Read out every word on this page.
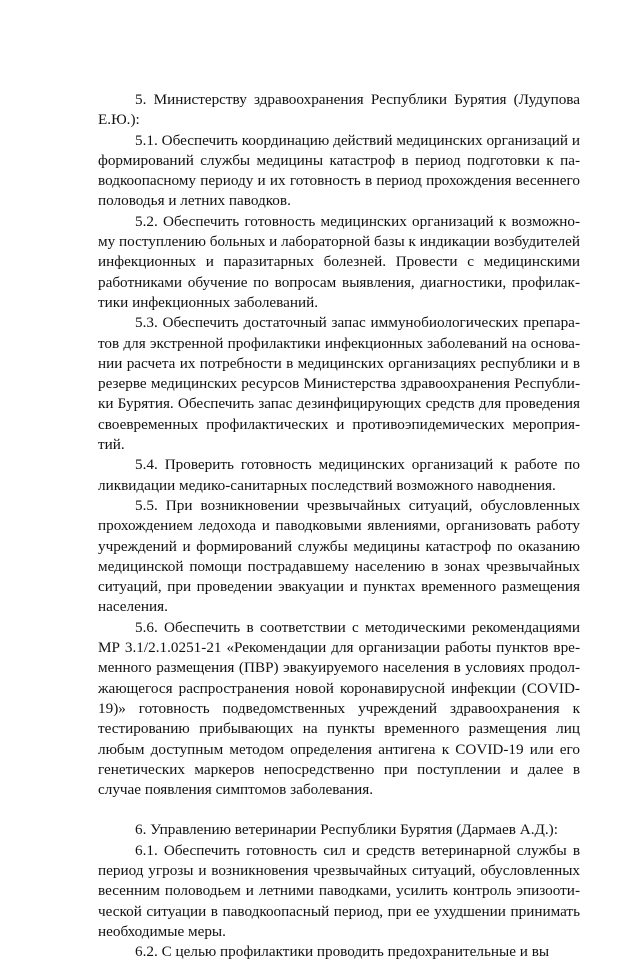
5. Министерству здравоохранения Республики Бурятия (Лудупова Е.Ю.):

5.1. Обеспечить координацию действий медицинских организаций и формирований службы медицины катастроф в период подготовки к паводкоопасному периоду и их готовность в период прохождения весеннего половодья и летних паводков.

5.2. Обеспечить готовность медицинских организаций к возможному поступлению больных и лабораторной базы к индикации возбудителей инфекционных и паразитарных болезней. Провести с медицинскими работниками обучение по вопросам выявления, диагностики, профилактики инфекционных заболеваний.

5.3. Обеспечить достаточный запас иммунобиологических препаратов для экстренной профилактики инфекционных заболеваний на основании расчета их потребности в медицинских организациях республики и в резерве медицинских ресурсов Министерства здравоохранения Республики Бурятия. Обеспечить запас дезинфицирующих средств для проведения своевременных профилактических и противоэпидемических мероприятий.

5.4. Проверить готовность медицинских организаций к работе по ликвидации медико-санитарных последствий возможного наводнения.

5.5. При возникновении чрезвычайных ситуаций, обусловленных прохождением ледохода и паводковыми явлениями, организовать работу учреждений и формирований службы медицины катастроф по оказанию медицинской помощи пострадавшему населению в зонах чрезвычайных ситуаций, при проведении эвакуации и пунктах временного размещения населения.

5.6. Обеспечить в соответствии с методическими рекомендациями МР 3.1/2.1.0251-21 «Рекомендации для организации работы пунктов временного размещения (ПВР) эвакуируемого населения в условиях продолжающегося распространения новой коронавирусной инфекции (COVID-19)» готовность подведомственных учреждений здравоохранения к тестированию прибывающих на пункты временного размещения лиц любым доступным методом определения антигена к COVID-19 или его генетических маркеров непосредственно при поступлении и далее в случае появления симптомов заболевания.

6. Управлению ветеринарии Республики Бурятия (Дармаев А.Д.):

6.1. Обеспечить готовность сил и средств ветеринарной службы в период угрозы и возникновения чрезвычайных ситуаций, обусловленных весенним половодьем и летними паводками, усилить контроль эпизоотической ситуации в паводкоопасный период, при ее ухудшении принимать необходимые меры.

6.2. С целью профилактики проводить предохранительные и вы
